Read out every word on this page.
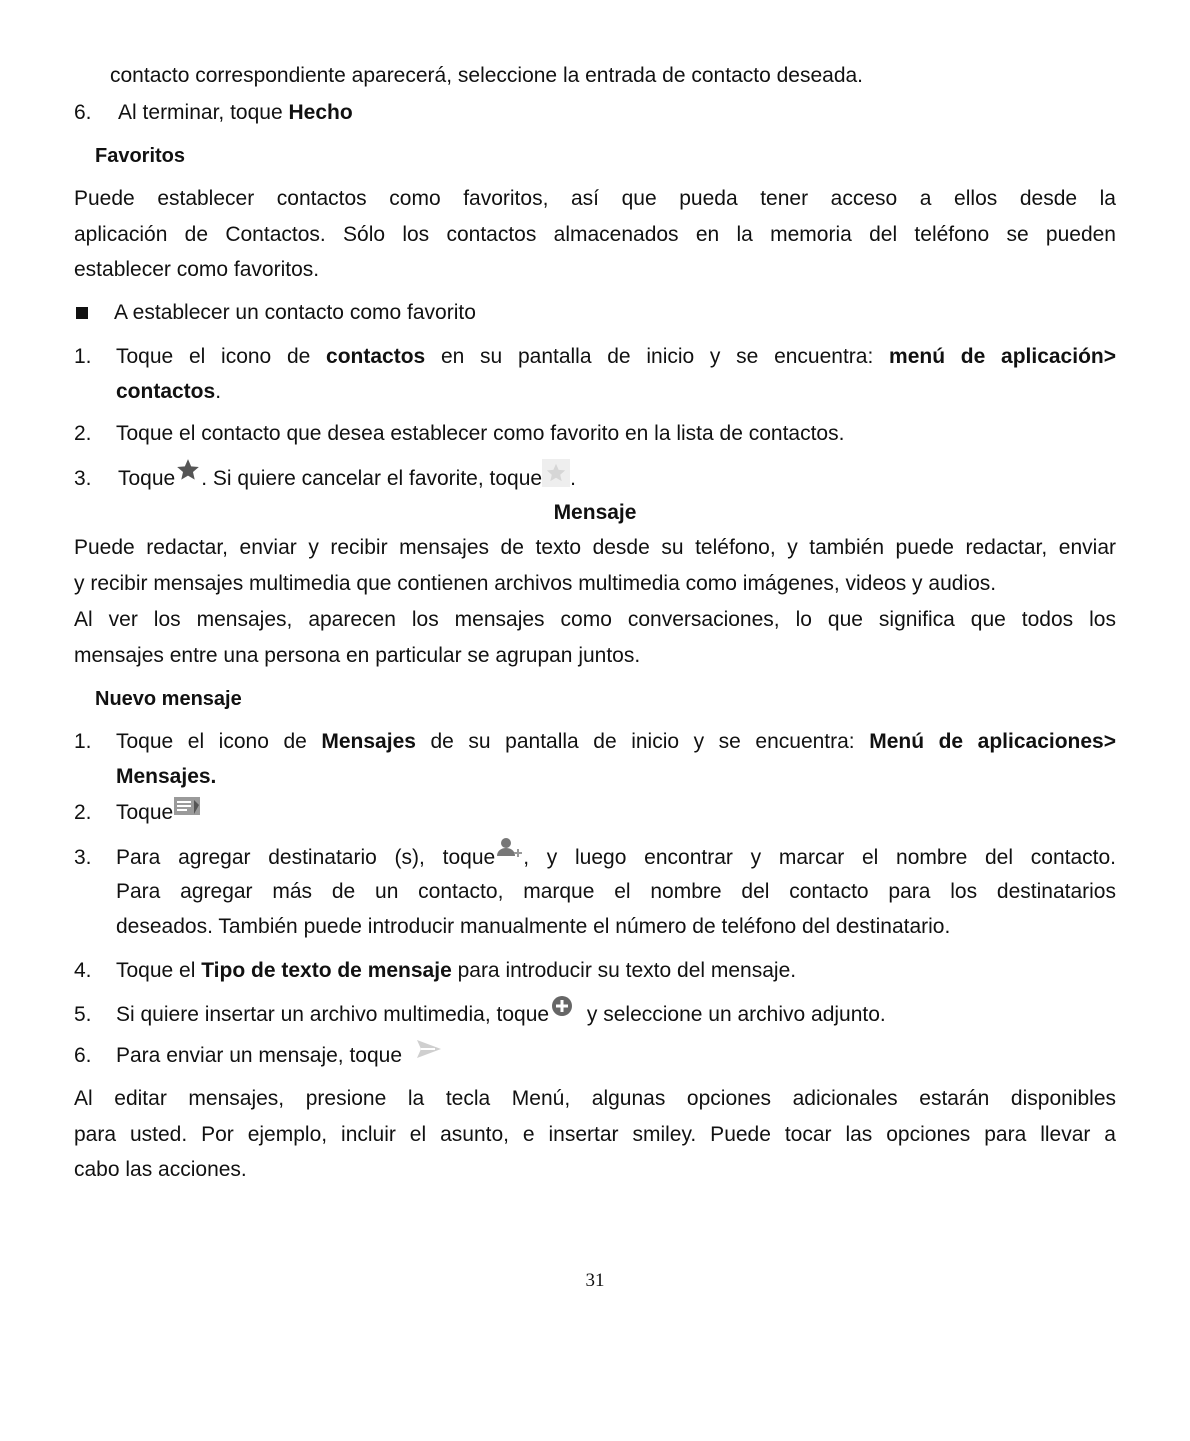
contacto correspondiente aparecerá, seleccione la entrada de contacto deseada.
6. Al terminar, toque Hecho
Favoritos
Puede establecer contactos como favoritos, así que pueda tener acceso a ellos desde la
aplicación de Contactos. Sólo los contactos almacenados en la memoria del teléfono se pueden
establecer como favoritos.
A establecer un contacto como favorito
1. Toque el icono de contactos en su pantalla de inicio y se encuentra: menú de aplicación>
contactos.
2. Toque el contacto que desea establecer como favorito en la lista de contactos.
3. Toque . Si quiere cancelar el favorite, toque .
Mensaje
Puede redactar, enviar y recibir mensajes de texto desde su teléfono, y también puede redactar, enviar
y recibir mensajes multimedia que contienen archivos multimedia como imágenes, videos y audios.
Al ver los mensajes, aparecen los mensajes como conversaciones, lo que significa que todos los
mensajes entre una persona en particular se agrupan juntos.
Nuevo mensaje
1. Toque el icono de Mensajes de su pantalla de inicio y se encuentra: Menú de aplicaciones>
Mensajes.
2. Toque
3. Para agregar destinatario (s), toque , y luego encontrar y marcar el nombre del contacto.
Para agregar más de un contacto, marque el nombre del contacto para los destinatarios
deseados. También puede introducir manualmente el número de teléfono del destinatario.
4. Toque el Tipo de texto de mensaje para introducir su texto del mensaje.
5. Si quiere insertar un archivo multimedia, toque y seleccione un archivo adjunto.
6. Para enviar un mensaje, toque
Al editar mensajes, presione la tecla Menú, algunas opciones adicionales estarán disponibles
para usted. Por ejemplo, incluir el asunto, e insertar smiley. Puede tocar las opciones para llevar a
cabo las acciones.
31
